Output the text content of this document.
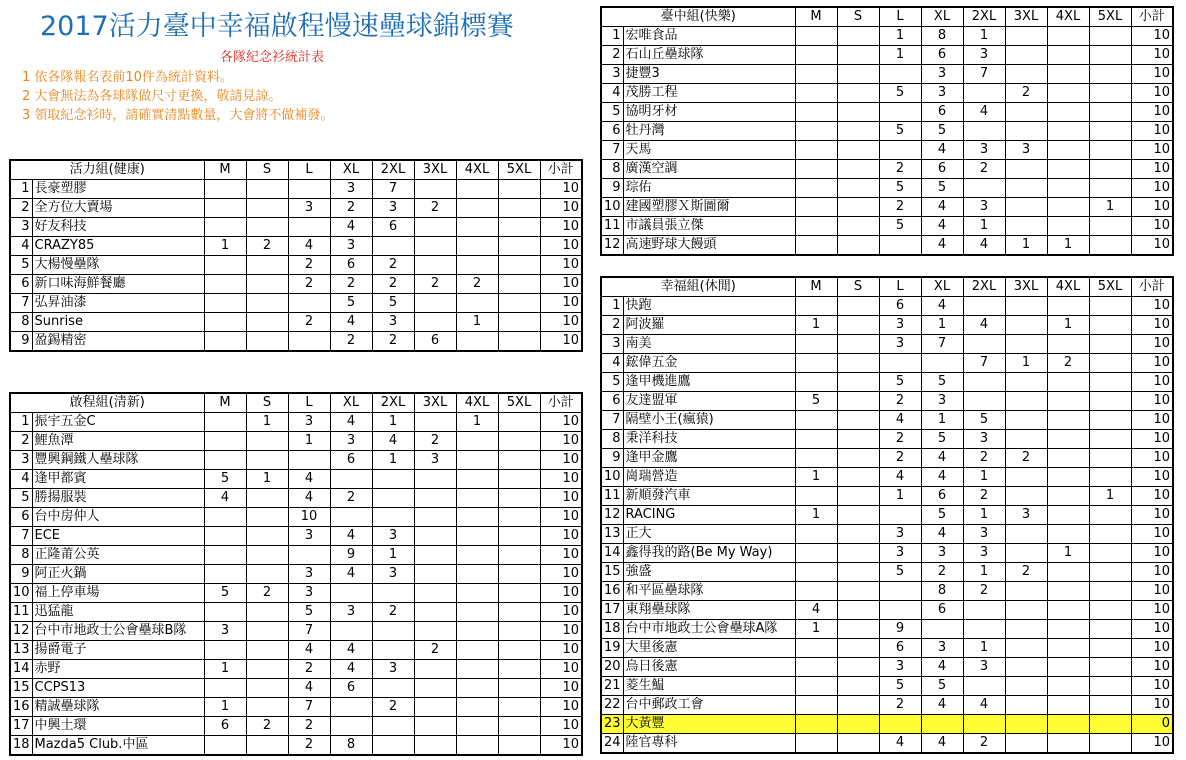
2017活力臺中幸福啟程慢速壘球錦標賽
各隊紀念衫統計表
1 依各隊報名表前10件為統計資料。
2 大會無法為各球隊做尺寸更換，敬請見諒。
3 領取紀念衫時，請確實清點數量，大會將不做補發。
活力組(健康)		M	S	L	XL	2XL	3XL	4XL	5XL	小計
1	長豪塑膠				3	7				10
2	全方位大賣場			3	2	3	2			10
3	好友科技				4	6				10
4	CRAZY85	1	2	4	3					10
5	大楊慢壘隊			2	6	2				10
6	新口味海鮮餐廳			2	2	2	2	2		10
7	弘昇油漆				5	5				10
8	Sunrise			2	4	3		1		10
9	盈錫精密				2	2	6			10
啟程組(清新)		M	S	L	XL	2XL	3XL	4XL	5XL	小計
1	振宇五金C		1	3	4	1		1		10
2	鯉魚潭			1	3	4	2			10
3	豐興鋼鐵人壘球隊				6	1	3			10
4	逢甲都賓	5	1	4						10
5	勝揚服裝	4		4	2					10
6	台中房仲人			10						10
7	ECE			3	4	3				10
8	正隆莆公英				9	1				10
9	阿正火鍋			3	4	3				10
10	福上停車場	5	2	3						10
11	迅猛龍			5	3	2				10
12	台中市地政士公會壘球B隊	3		7						10
13	揚爵電子			4	4		2			10
14	赤野	1		2	4	3				10
15	CCPS13			4	6					10
16	精誠壘球隊	1		7		2				10
17	中興土環	6	2	2						10
18	Mazda5 Club.中區			2	8					10
臺中組(快樂)		M	S	L	XL	2XL	3XL	4XL	5XL	小計
1	宏唯食品			1	8	1				10
2	石山丘壘球隊			1	6	3				10
3	捷豐3				3	7				10
4	茂勝工程			5	3		2			10
5	協明牙材				6	4				10
6	牡丹灣			5	5					10
7	天馬				4	3	3			10
8	廣漢空調			2	6	2				10
9	琮佑			5	5					10
10	建國塑膠Ｘ斯圖爾			2	4	3			1	10
11	市議員張立傑			5	4	1				10
12	高速野球大饅頭				4	4	1	1		10
幸福組(休閒)		M	S	L	XL	2XL	3XL	4XL	5XL	小計
1	快跑			6	4					10
2	阿波羅	1		3	1	4		1		10
3	南美			3	7					10
4	鋐偉五金					7	1	2		10
5	逢甲機進鷹			5	5					10
6	友達盟軍	5		2	3					10
7	隔壁小王(瘋猿)			4	1	5				10
8	秉洋科技			2	5	3				10
9	逢甲金鷹			2	4	2	2			10
10	崗瑞營造	1		4	4	1				10
11	新順發汽車			1	6	2			1	10
12	RACING	1			5	1	3			10
13	正大			3	4	3				10
14	鑫得我的路(Be My Way)			3	3	3		1		10
15	強盛			5	2	1	2			10
16	和平區壘球隊				8	2				10
17	東翔壘球隊	4			6					10
18	台中市地政士公會壘球A隊	1		9						10
19	大里後憲			6	3	1				10
20	烏日後憲			3	4	3				10
21	菱生鰛			5	5					10
22	台中郵政工會			2	4	4				10
23	大黃豐									0
24	陸官專科			4	4	2				10
